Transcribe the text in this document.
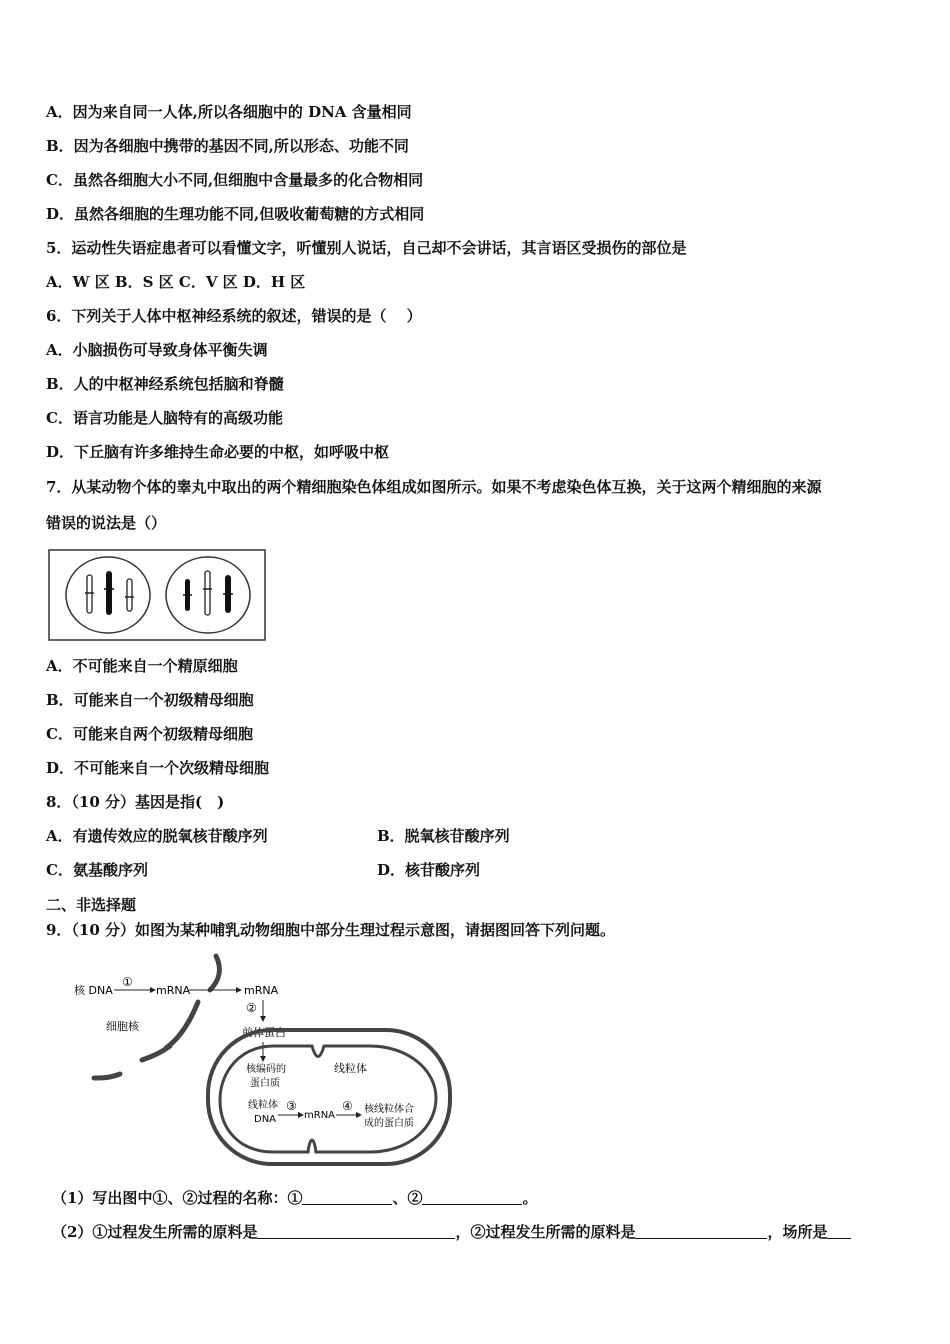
A．因为来自同一人体,所以各细胞中的 DNA 含量相同
B．因为各细胞中携带的基因不同,所以形态、功能不同
C．虽然各细胞大小不同,但细胞中含量最多的化合物相同
D．虽然各细胞的生理功能不同,但吸收葡萄糖的方式相同
5．运动性失语症患者可以看懂文字，听懂别人说话，自己却不会讲话，其言语区受损伤的部位是
A．W 区 B．S 区 C．V 区 D．H 区
6．下列关于人体中枢神经系统的叙述，错误的是（　 ）
A．小脑损伤可导致身体平衡失调
B．人的中枢神经系统包括脑和脊髓
C．语言功能是人脑特有的高级功能
D．下丘脑有许多维持生命必要的中枢，如呼吸中枢
7．从某动物个体的睾丸中取出的两个精细胞染色体组成如图所示。如果不考虑染色体互换，关于这两个精细胞的来源
错误的说法是（）
A．不可能来自一个精原细胞
B．可能来自一个初级精母细胞
C．可能来自两个初级精母细胞
D．不可能来自一个次级精母细胞
8．（10 分）基因是指(　)
A．有遗传效应的脱氧核苷酸序列	B．脱氧核苷酸序列
C．氨基酸序列	D．核苷酸序列
二、非选择题
9．（10 分）如图为某种哺乳动物细胞中部分生理过程示意图，请据图回答下列问题。
核 DNA
①
mRNA	mRNA
②
前体蛋白
细胞核
核编码的
蛋白质
线粒体
线粒体
DNA
③
mRNA
④ 核线粒体合
成的蛋白质
（1）写出图中①、②过程的名称：①	、②	。
（2）①过程发生所需的原料是	，②过程发生所需的原料是	，场所是
